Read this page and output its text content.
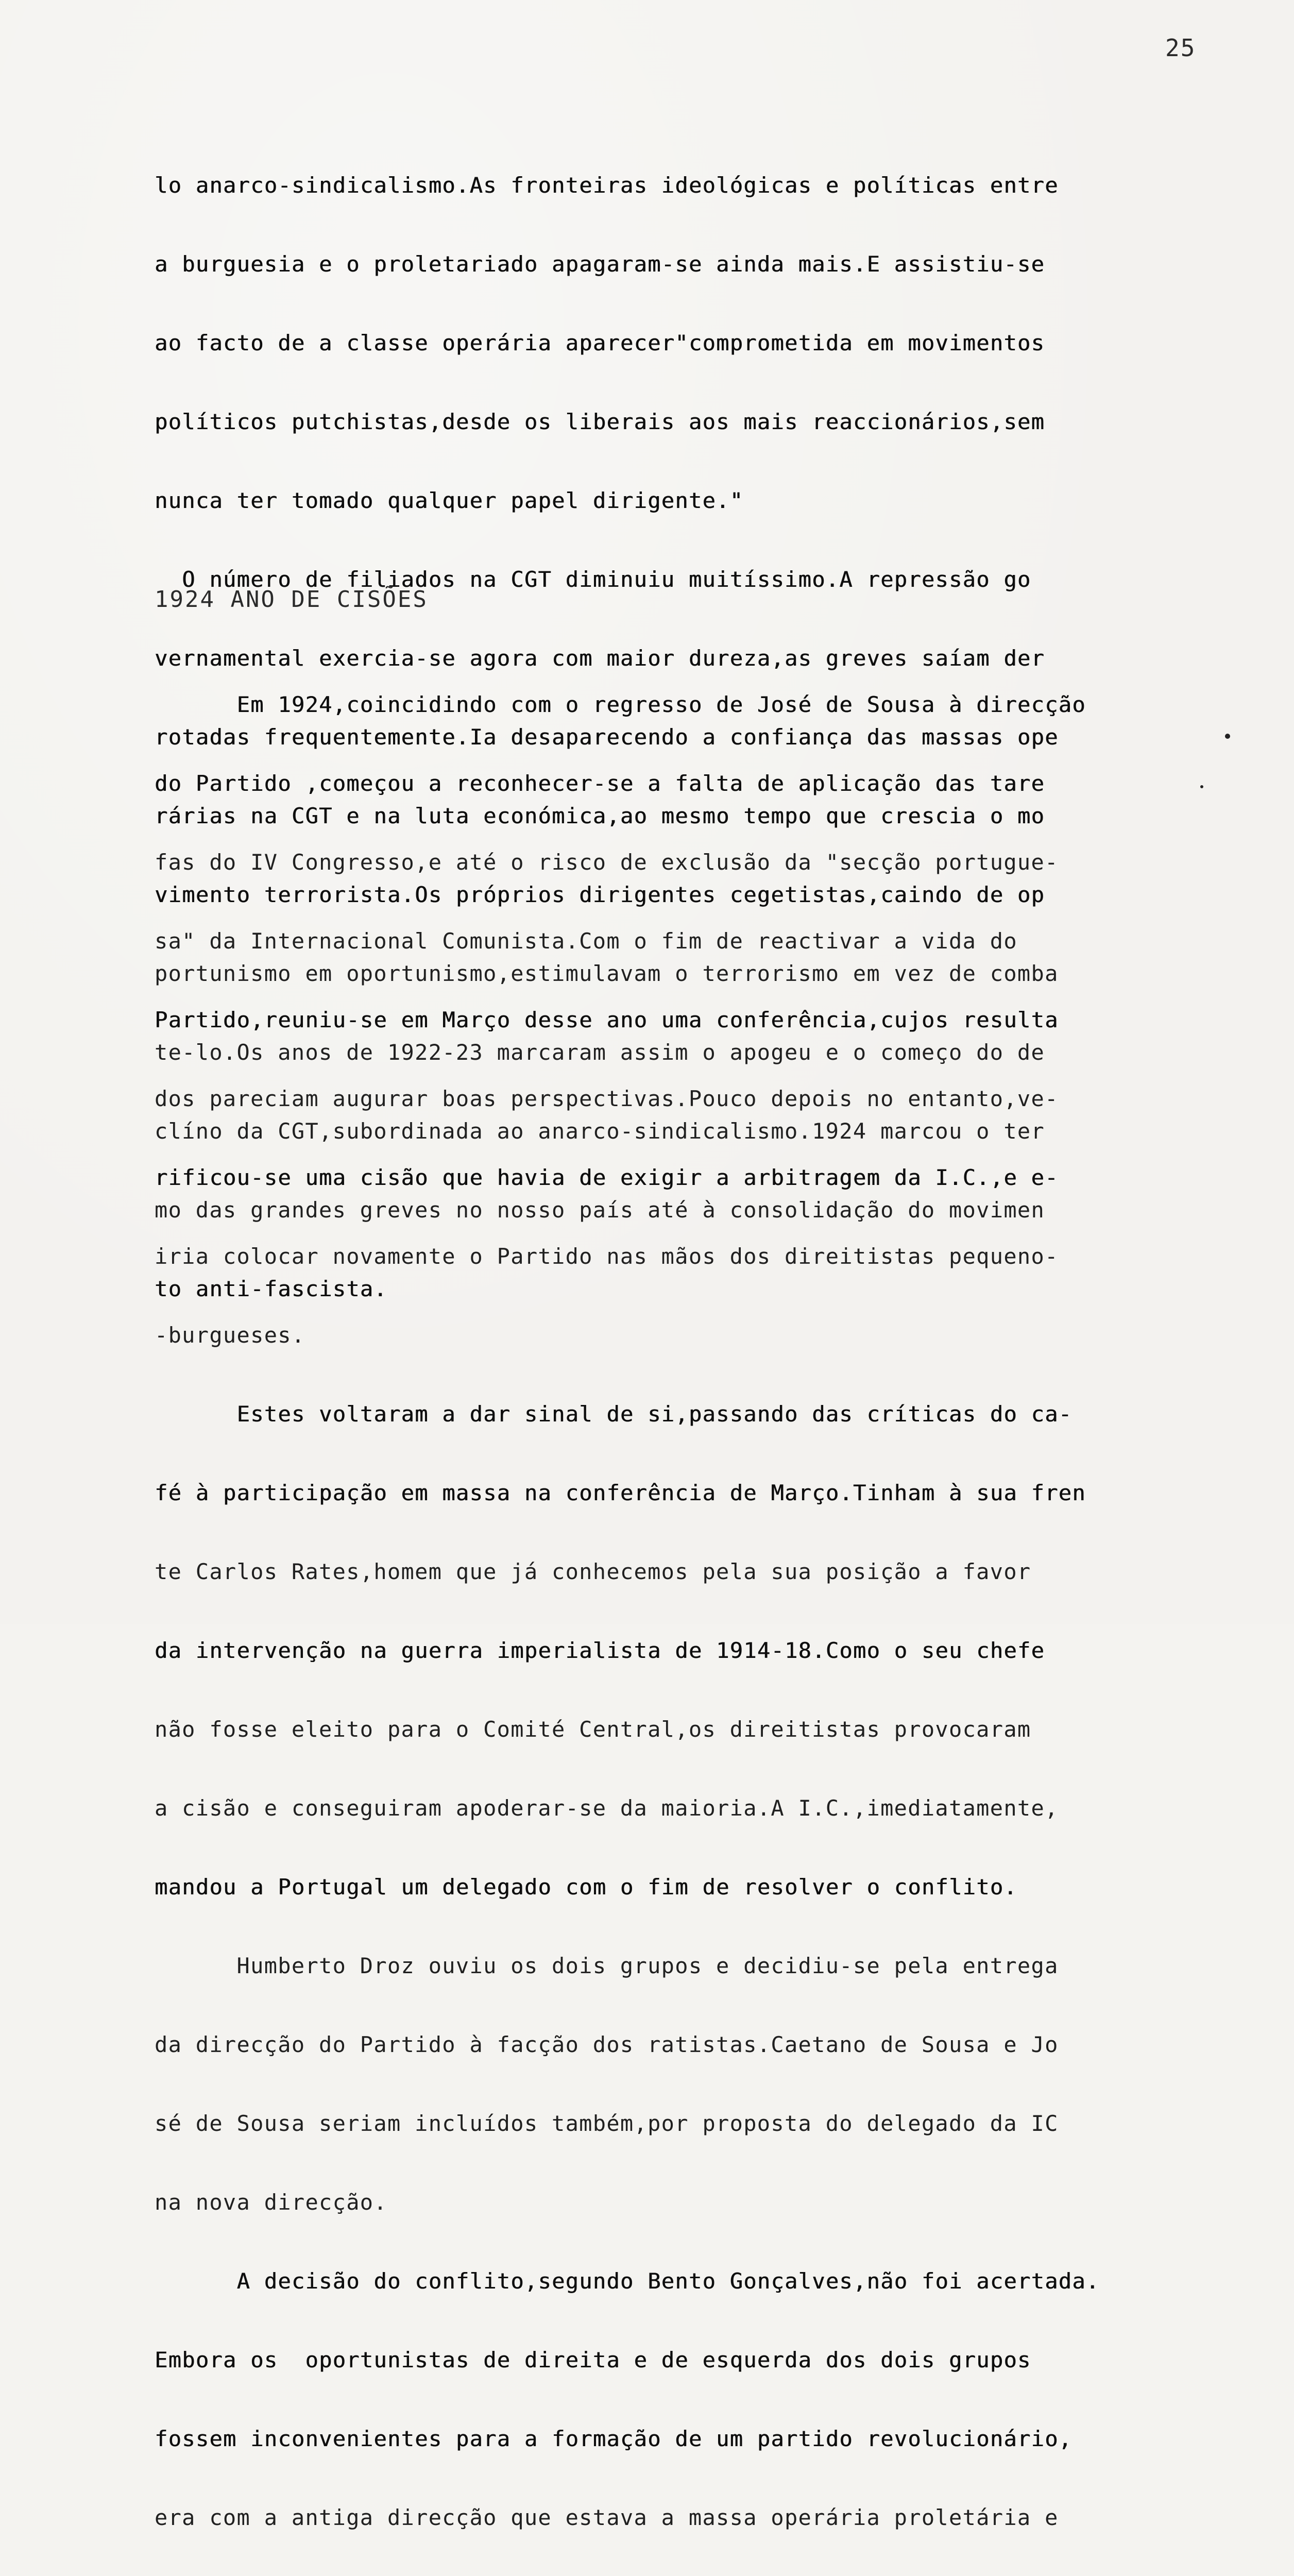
25

lo anarco-sindicalismo.As fronteiras ideológicas e políticas entre

a burguesia e o proletariado apagaram-se ainda mais.E assistiu-se

ao facto de a classe operária aparecer"comprometida em movimentos

políticos putchistas,desde os liberais aos mais reaccionários,sem

nunca ter tomado qualquer papel dirigente."

O número de filiados na CGT diminuiu muitíssimo.A repressão go

vernamental exercia-se agora com maior dureza,as greves saíam der

rotadas frequentemente.Ia desaparecendo a confiança das massas ope

rárias na CGT e na luta económica,ao mesmo tempo que crescia o mo

vimento terrorista.Os próprios dirigentes cegetistas,caindo de op

portunismo em oportunismo,estimulavam o terrorismo em vez de comba

te-lo.Os anos de 1922-23 marcaram assim o apogeu e o começo do de

clíno da CGT,subordinada ao anarco-sindicalismo.1924 marcou o ter

mo das grandes greves no nosso país até à consolidação do movimen

to anti-fascista.

1924 ANO DE CISÕES

Em 1924,coincidindo com o regresso de José de Sousa à direcção

do Partido ,começou a reconhecer-se a falta de aplicação das tare

fas do IV Congresso,e até o risco de exclusão da "secção portugue-

sa" da Internacional Comunista.Com o fim de reactivar a vida do

Partido,reuniu-se em Março desse ano uma conferência,cujos resulta

dos pareciam augurar boas perspectivas.Pouco depois no entanto,ve-

rificou-se uma cisão que havia de exigir a arbitragem da I.C.,e e-

iria colocar novamente o Partido nas mãos dos direitistas pequeno-

-burgueses.

Estes voltaram a dar sinal de si,passando das críticas do ca-

fé à participação em massa na conferência de Março.Tinham à sua fren

te Carlos Rates,homem que já conhecemos pela sua posição a favor

da intervenção na guerra imperialista de 1914-18.Como o seu chefe

não fosse eleito para o Comité Central,os direitistas provocaram

a cisão e conseguiram apoderar-se da maioria.A I.C.,imediatamente,

mandou a Portugal um delegado com o fim de resolver o conflito.

Humberto Droz ouviu os dois grupos e decidiu-se pela entrega

da direcção do Partido à facção dos ratistas.Caetano de Sousa e Jo

sé de Sousa seriam incluídos também,por proposta do delegado da IC

na nova direcção.

A decisão do conflito,segundo Bento Gonçalves,não foi acertada.

Embora os  oportunistas de direita e de esquerda dos dois grupos

fossem inconvenientes para a formação de um partido revolucionário,

era com a antiga direcção que estava a massa operária proletária e
